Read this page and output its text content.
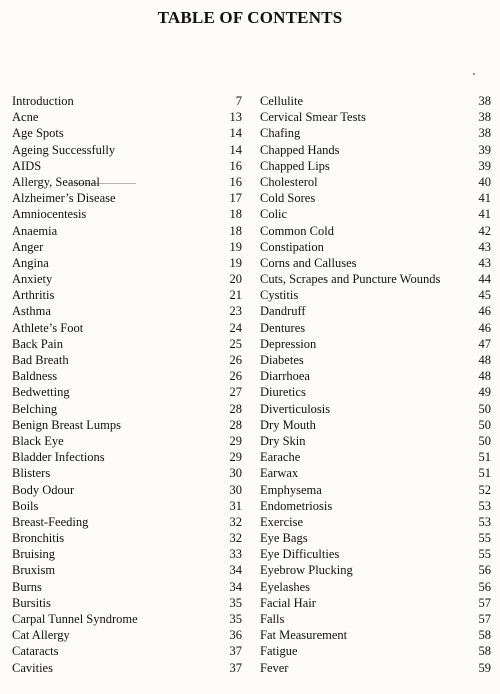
TABLE OF CONTENTS
Introduction	7
Acne	13
Age Spots	14
Ageing Successfully	14
AIDS	16
Allergy, Seasonal	16
Alzheimer’s Disease	17
Amniocentesis	18
Anaemia	18
Anger	19
Angina	19
Anxiety	20
Arthritis	21
Asthma	23
Athlete’s Foot	24
Back Pain	25
Bad Breath	26
Baldness	26
Bedwetting	27
Belching	28
Benign Breast Lumps	28
Black Eye	29
Bladder Infections	29
Blisters	30
Body Odour	30
Boils	31
Breast-Feeding	32
Bronchitis	32
Bruising	33
Bruxism	34
Burns	34
Bursitis	35
Carpal Tunnel Syndrome	35
Cat Allergy	36
Cataracts	37
Cavities	37
Cellulite	38
Cervical Smear Tests	38
Chafing	38
Chapped Hands	39
Chapped Lips	39
Cholesterol	40
Cold Sores	41
Colic	41
Common Cold	42
Constipation	43
Corns and Calluses	43
Cuts, Scrapes and Puncture Wounds	44
Cystitis	45
Dandruff	46
Dentures	46
Depression	47
Diabetes	48
Diarrhoea	48
Diuretics	49
Diverticulosis	50
Dry Mouth	50
Dry Skin	50
Earache	51
Earwax	51
Emphysema	52
Endometriosis	53
Exercise	53
Eye Bags	55
Eye Difficulties	55
Eyebrow Plucking	56
Eyelashes	56
Facial Hair	57
Falls	57
Fat Measurement	58
Fatigue	58
Fever	59
